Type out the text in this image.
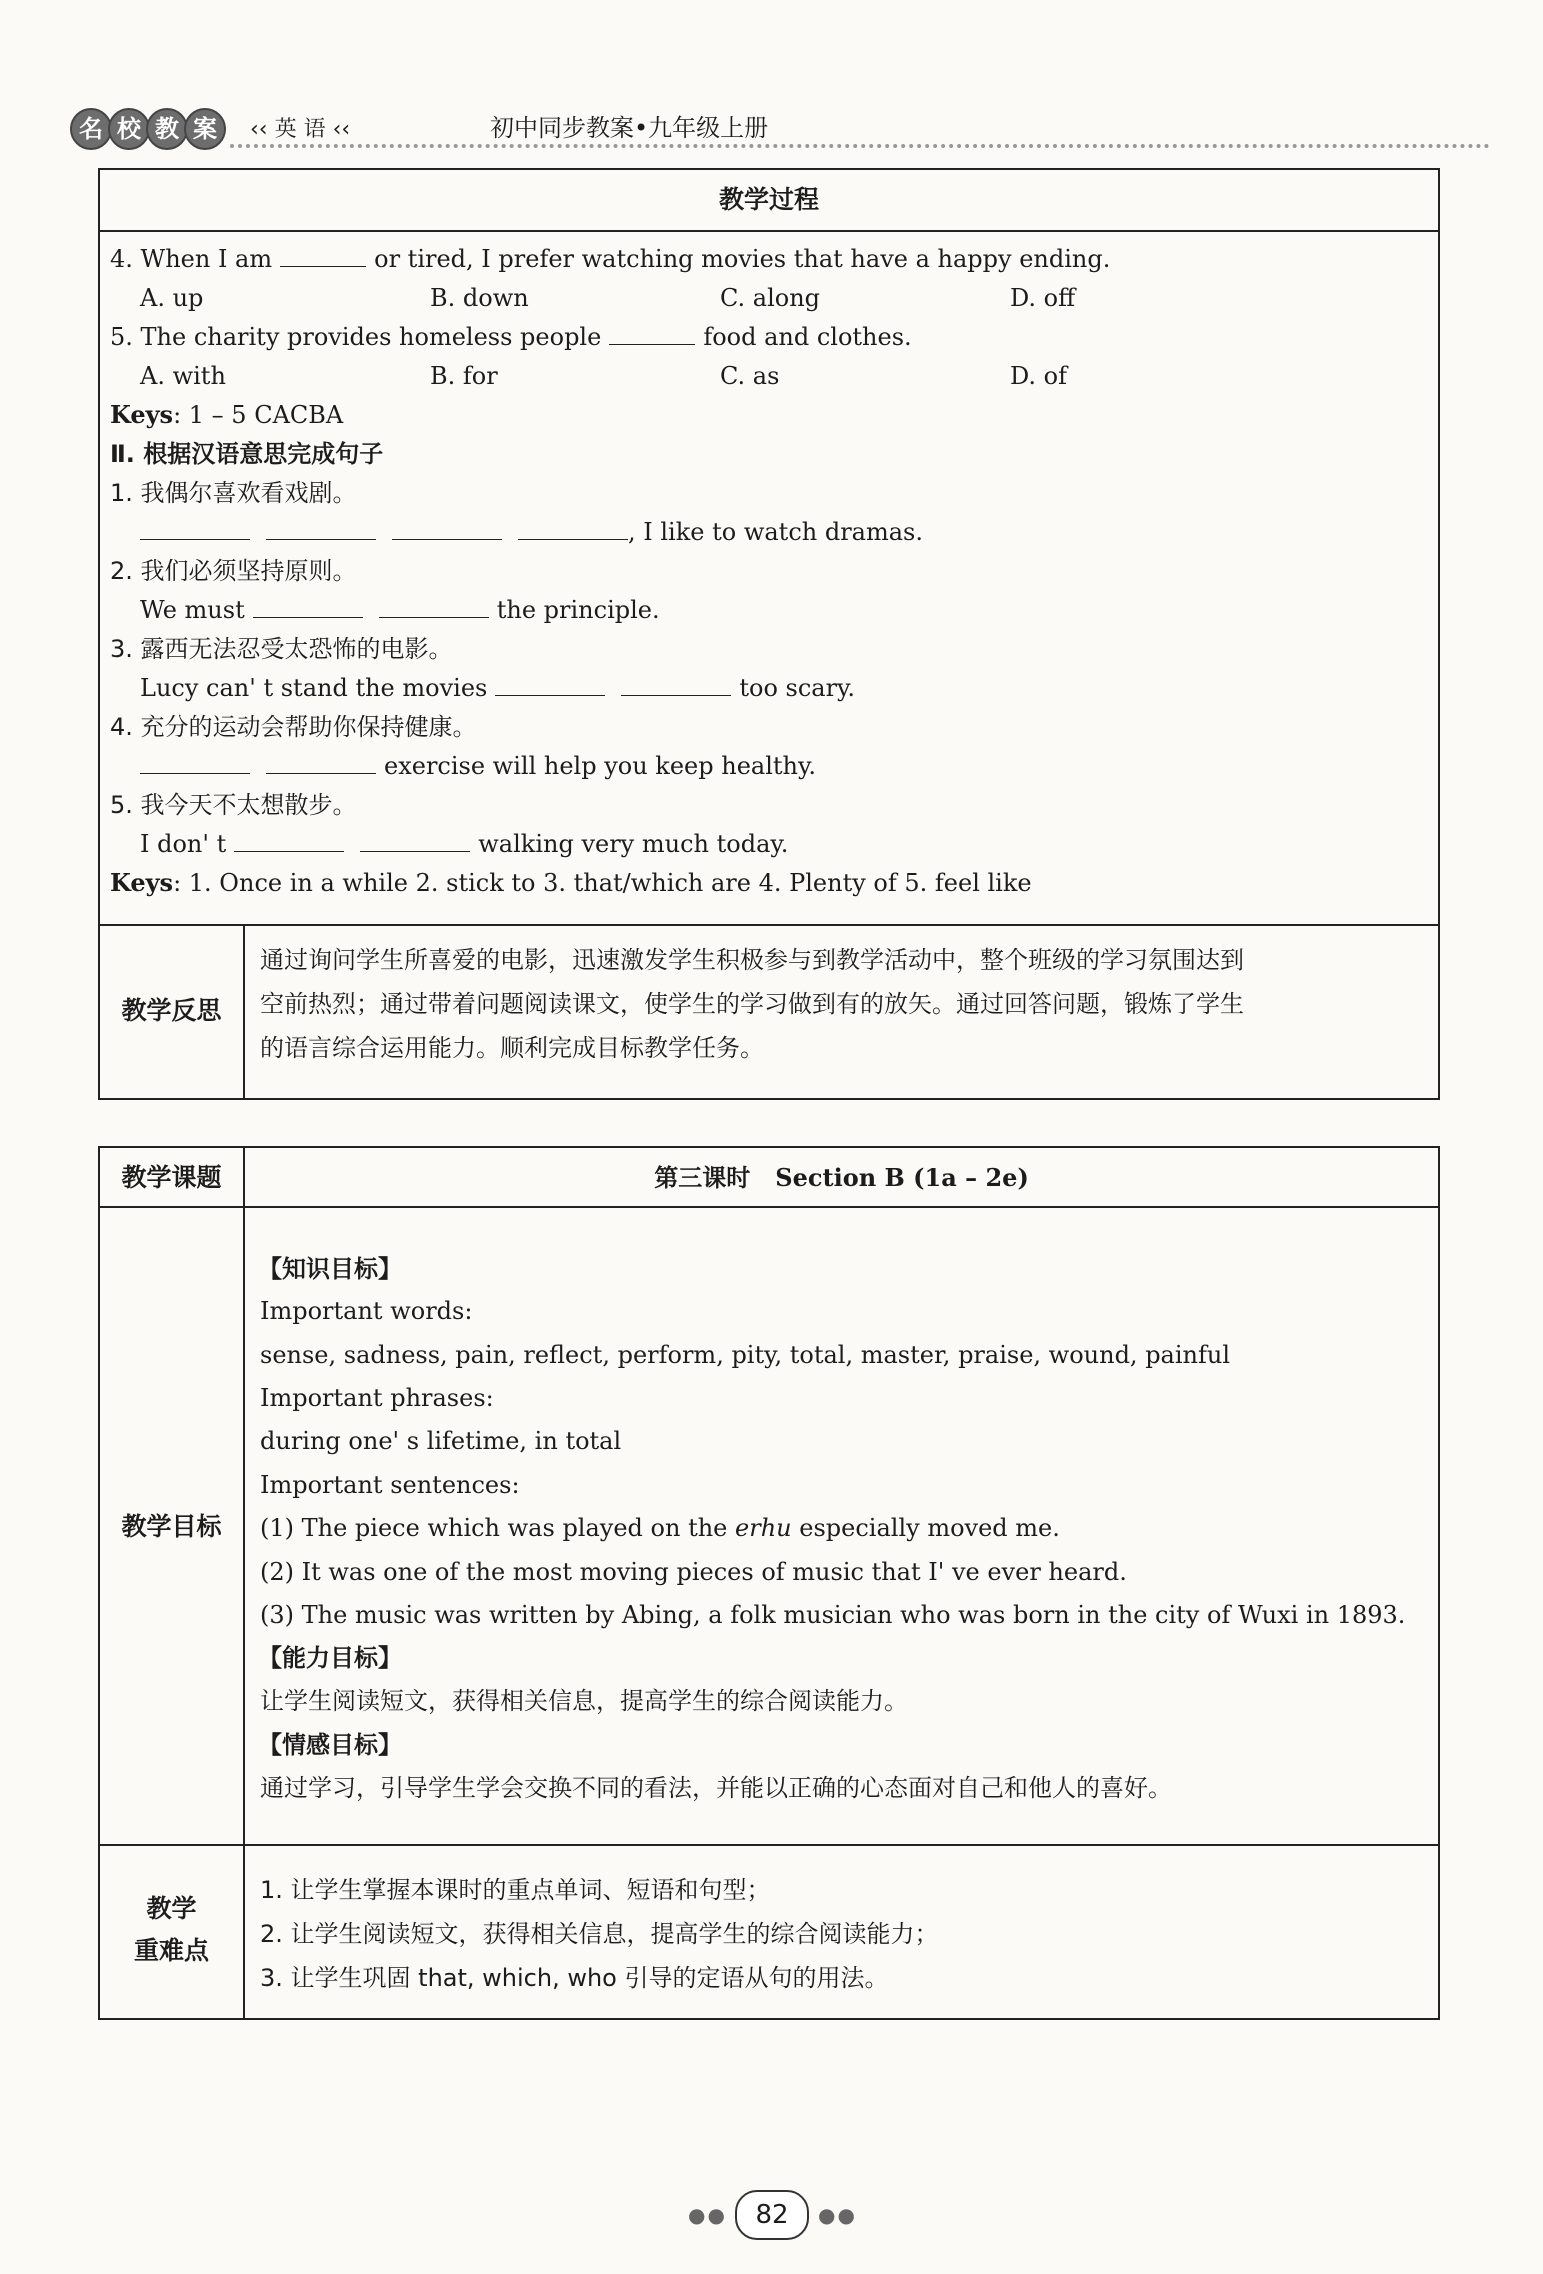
名 校 教 案	‹‹ 英 语 ‹‹	初中同步教案•九年级上册
教学过程
4. When I am	or tired, I prefer watching movies that have a happy ending.
A. up	B. down	C. along	D. off
5. The charity provides homeless people	food and clothes.
A. with	B. for	C. as	D. of
Keys: 1 – 5 CACBA
Ⅱ. 根据汉语意思完成句子
1. 我偶尔喜欢看戏剧。
, I like to watch dramas.
2. 我们必须坚持原则。
We must	the principle.
3. 露西无法忍受太恐怖的电影。
Lucy can' t stand the movies	too scary.
4. 充分的运动会帮助你保持健康。
exercise will help you keep healthy.
5. 我今天不太想散步。
I don' t	walking very much today.
Keys: 1. Once in a while 2. stick to 3. that/which are 4. Plenty of 5. feel like
教学反思
通过询问学生所喜爱的电影，迅速激发学生积极参与到教学活动中，整个班级的学习氛围达到
空前热烈；通过带着问题阅读课文，使学生的学习做到有的放矢。通过回答问题，锻炼了学生
的语言综合运用能力。顺利完成目标教学任务。
教学课题	第三课时 Section B (1a – 2e)
教学目标
【知识目标】
Important words:
sense, sadness, pain, reflect, perform, pity, total, master, praise, wound, painful
Important phrases:
during one' s lifetime, in total
Important sentences:
(1) The piece which was played on the erhu especially moved me.
(2) It was one of the most moving pieces of music that I' ve ever heard.
(3) The music was written by Abing, a folk musician who was born in the city of Wuxi in 1893.
【能力目标】
让学生阅读短文，获得相关信息，提高学生的综合阅读能力。
【情感目标】
通过学习，引导学生学会交换不同的看法，并能以正确的心态面对自己和他人的喜好。
教学
重难点
1. 让学生掌握本课时的重点单词、短语和句型；
2. 让学生阅读短文，获得相关信息，提高学生的综合阅读能力；
3. 让学生巩固 that, which, who 引导的定语从句的用法。
●●	82	●●
